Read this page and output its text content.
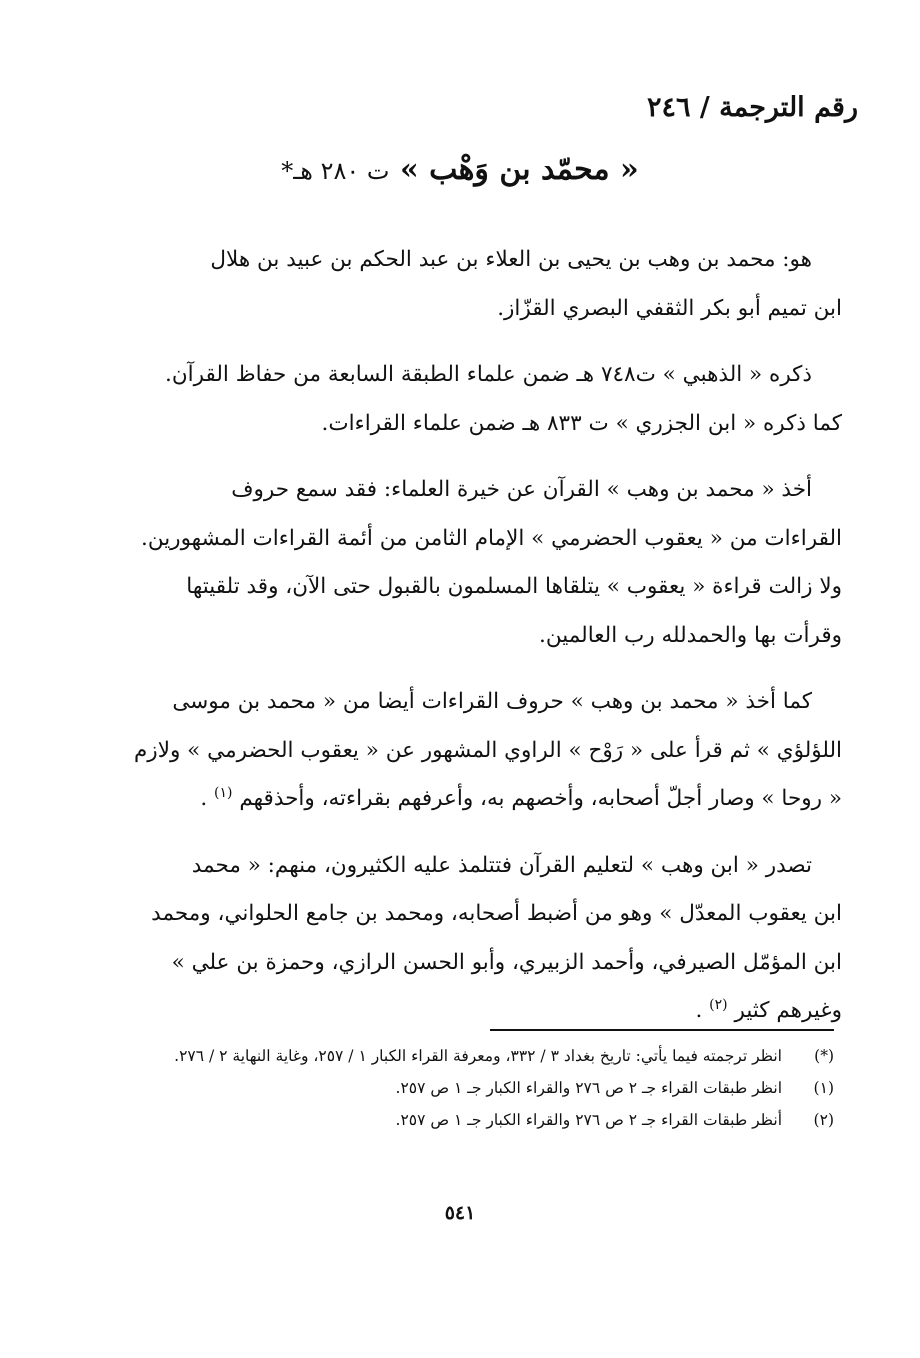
رقم الترجمة / ٢٤٦
« محمّد بن وَهْب » ت ٢٨٠ هـ*

هو: محمد بن وهب بن يحيى بن العلاء بن عبد الحكم بن عبيد بن هلال
ابن تميم أبو بكر الثقفي البصري القزّاز.

ذكره « الذهبي » ت٧٤٨ هـ ضمن علماء الطبقة السابعة من حفاظ القرآن.
كما ذكره « ابن الجزري » ت ٨٣٣ هـ ضمن علماء القراءات.

أخذ « محمد بن وهب » القرآن عن خيرة العلماء: فقد سمع حروف
القراءات من « يعقوب الحضرمي » الإمام الثامن من أئمة القراءات المشهورين.
ولا زالت قراءة « يعقوب » يتلقاها المسلمون بالقبول حتى الآن، وقد تلقيتها
وقرأت بها والحمدلله رب العالمين.

كما أخذ « محمد بن وهب » حروف القراءات أيضا من « محمد بن موسى
اللؤلؤي » ثم قرأ على « رَوْح » الراوي المشهور عن « يعقوب الحضرمي » ولازم
« روحا » وصار أجلّ أصحابه، وأخصهم به، وأعرفهم بقراءته، وأحذقهم $^{(١)}$ .

تصدر « ابن وهب » لتعليم القرآن فتتلمذ عليه الكثيرون، منهم: « محمد
ابن يعقوب المعدّل » وهو من أضبط أصحابه، ومحمد بن جامع الحلواني، ومحمد
ابن المؤمّل الصيرفي، وأحمد الزبيري، وأبو الحسن الرازي، وحمزة بن علي »
وغيرهم كثير $^{(٢)}$ .

(*)
انظر ترجمته فيما يأتي: تاريخ بغداد ٣ / ٣٣٢، ومعرفة القراء الكبار ١ / ٢٥٧، وغاية النهاية ٢ / ٢٧٦.
(١)
انظر طبقات القراء جـ ٢ ص ٢٧٦ والقراء الكبار جـ ١ ص ٢٥٧.
(٢)
أنظر طبقات القراء جـ ٢ ص ٢٧٦ والقراء الكبار جـ ١ ص ٢٥٧.
٥٤١
